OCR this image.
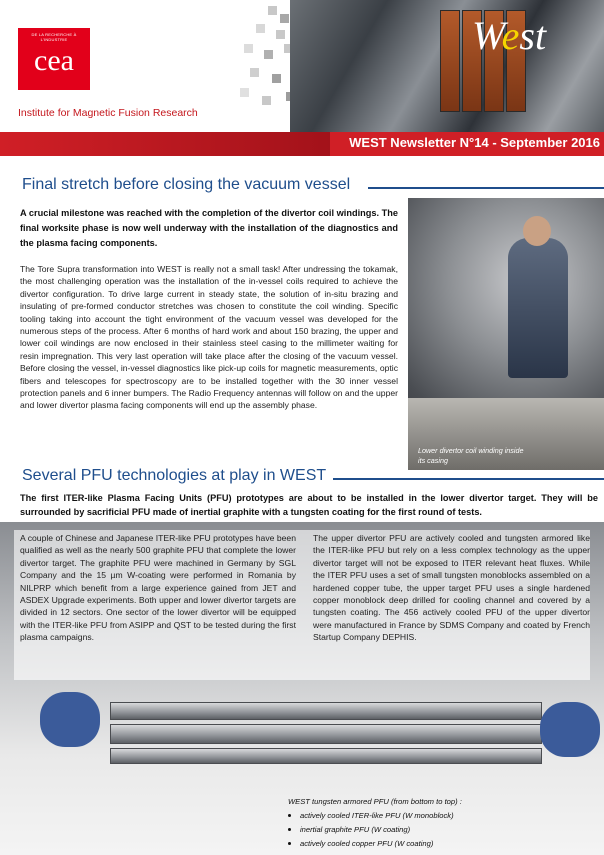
DE LA RECHERCHE À L'INDUSTRIE
cea
Institute for Magnetic Fusion Research
West
WEST Newsletter N°14 - September 2016
Final stretch before closing the vacuum vessel
A crucial milestone was reached with the completion of the divertor coil windings. The final worksite phase is now well underway with the installation of the diagnostics and the plasma facing components.
The Tore Supra transformation into WEST is really not a small task! After undressing the tokamak, the most challenging operation was the installation of the in-vessel coils required to achieve the divertor configuration. To drive large current in steady state, the solution of in-situ brazing and insulating of pre-formed conductor stretches was chosen to constitute the coil winding. Specific tooling taking into account the tight environment of the vacuum vessel was developed for the numerous steps of the process. After 6 months of hard work and about 150 brazing, the upper and lower coil windings are now enclosed in their stainless steel casing to the millimeter waiting for resin impregnation. This very last operation will take place after the closing of the vacuum vessel. Before closing the vessel, in-vessel diagnostics like pick-up coils for magnetic measurements, optic fibers and telescopes for spectroscopy are to be installed together with the 30 inner vessel protection panels and 6 inner bumpers. The Radio Frequency antennas will follow on and the upper and lower divertor plasma facing components will end up the assembly phase.
Lower divertor coil winding inside its casing
Several PFU technologies at play in WEST
The first ITER-like Plasma Facing Units (PFU) prototypes are about to be installed in the lower divertor target. They will be surrounded by sacrificial PFU made of inertial graphite with a tungsten coating for the first round of tests.
A couple of Chinese and Japanese ITER-like PFU prototypes have been qualified as well as the nearly 500 graphite PFU that complete the lower divertor target. The graphite PFU were machined in Germany by SGL Company and the 15 µm W-coating were performed in Romania by NILPRP which benefit from a large experience gained from JET and ASDEX Upgrade experiments. Both upper and lower divertor targets are divided in 12 sectors. One sector of the lower divertor will be equipped with the ITER-like PFU from ASIPP and QST to be tested during the first plasma campaigns.
The upper divertor PFU are actively cooled and tungsten armored like the ITER-like PFU but rely on a less complex technology as the upper divertor target will not be exposed to ITER relevant heat fluxes. While the ITER PFU uses a set of small tungsten monoblocks assembled on a hardened copper tube, the upper target PFU uses a single hardened copper monoblock deep drilled for cooling channel and covered by a tungsten coating. The 456 actively cooled PFU of the upper divertor were manufactured in France by SDMS Company and coated by French Startup Company DEPHIS.
WEST tungsten armored PFU (from bottom to top) :
• actively cooled ITER-like PFU (W monoblock)
• inertial graphite PFU (W coating)
• actively cooled copper PFU (W coating)
